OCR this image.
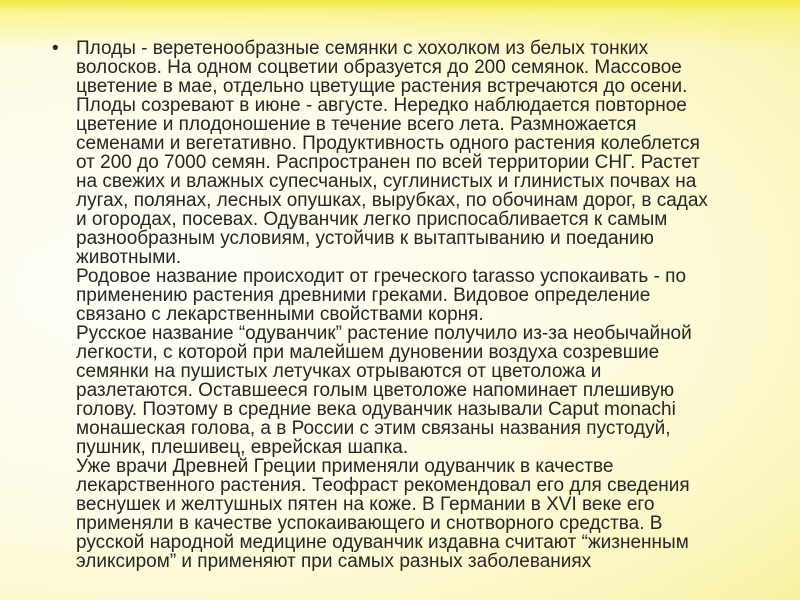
• Плоды - веретенообразные семянки с хохолком из белых тонких
волосков. На одном соцветии образуется до 200 семянок. Массовое
цветение в мае, отдельно цветущие растения встречаются до осени.
Плоды созревают в июне - августе. Нередко наблюдается повторное
цветение и плодоношение в течение всего лета. Размножается
семенами и вегетативно. Продуктивность одного растения колеблется
от 200 до 7000 семян. Распространен по всей территории СНГ. Растет
на свежих и влажных супесчаных, суглинистых и глинистых почвах на
лугах, полянах, лесных опушках, вырубках, по обочинам дорог, в садах
и огородах, посевах. Одуванчик легко приспосабливается к самым
разнообразным условиям, устойчив к вытаптыванию и поеданию
животными.
Родовое название происходит от греческого tarasso успокаивать - по
применению растения древними греками. Видовое определение
связано с лекарственными свойствами корня.
Русское название “одуванчик” растение получило из-за необычайной
легкости, с которой при малейшем дуновении воздуха созревшие
семянки на пушистых летучках отрываются от цветоложа и
разлетаются. Оставшееся голым цветоложе напоминает плешивую
голову. Поэтому в средние века одуванчик называли Caput monachi
монашеская голова, а в России с этим связаны названия пустодуй,
пушник, плешивец, еврейская шапка.
Уже врачи Древней Греции применяли одуванчик в качестве
лекарственного растения. Теофраст рекомендовал его для сведения
веснушек и желтушных пятен на коже. В Германии в XVI веке его
применяли в качестве успокаивающего и снотворного средства. В
русской народной медицине одуванчик издавна считают “жизненным
эликсиром” и применяют при самых разных заболеваниях
